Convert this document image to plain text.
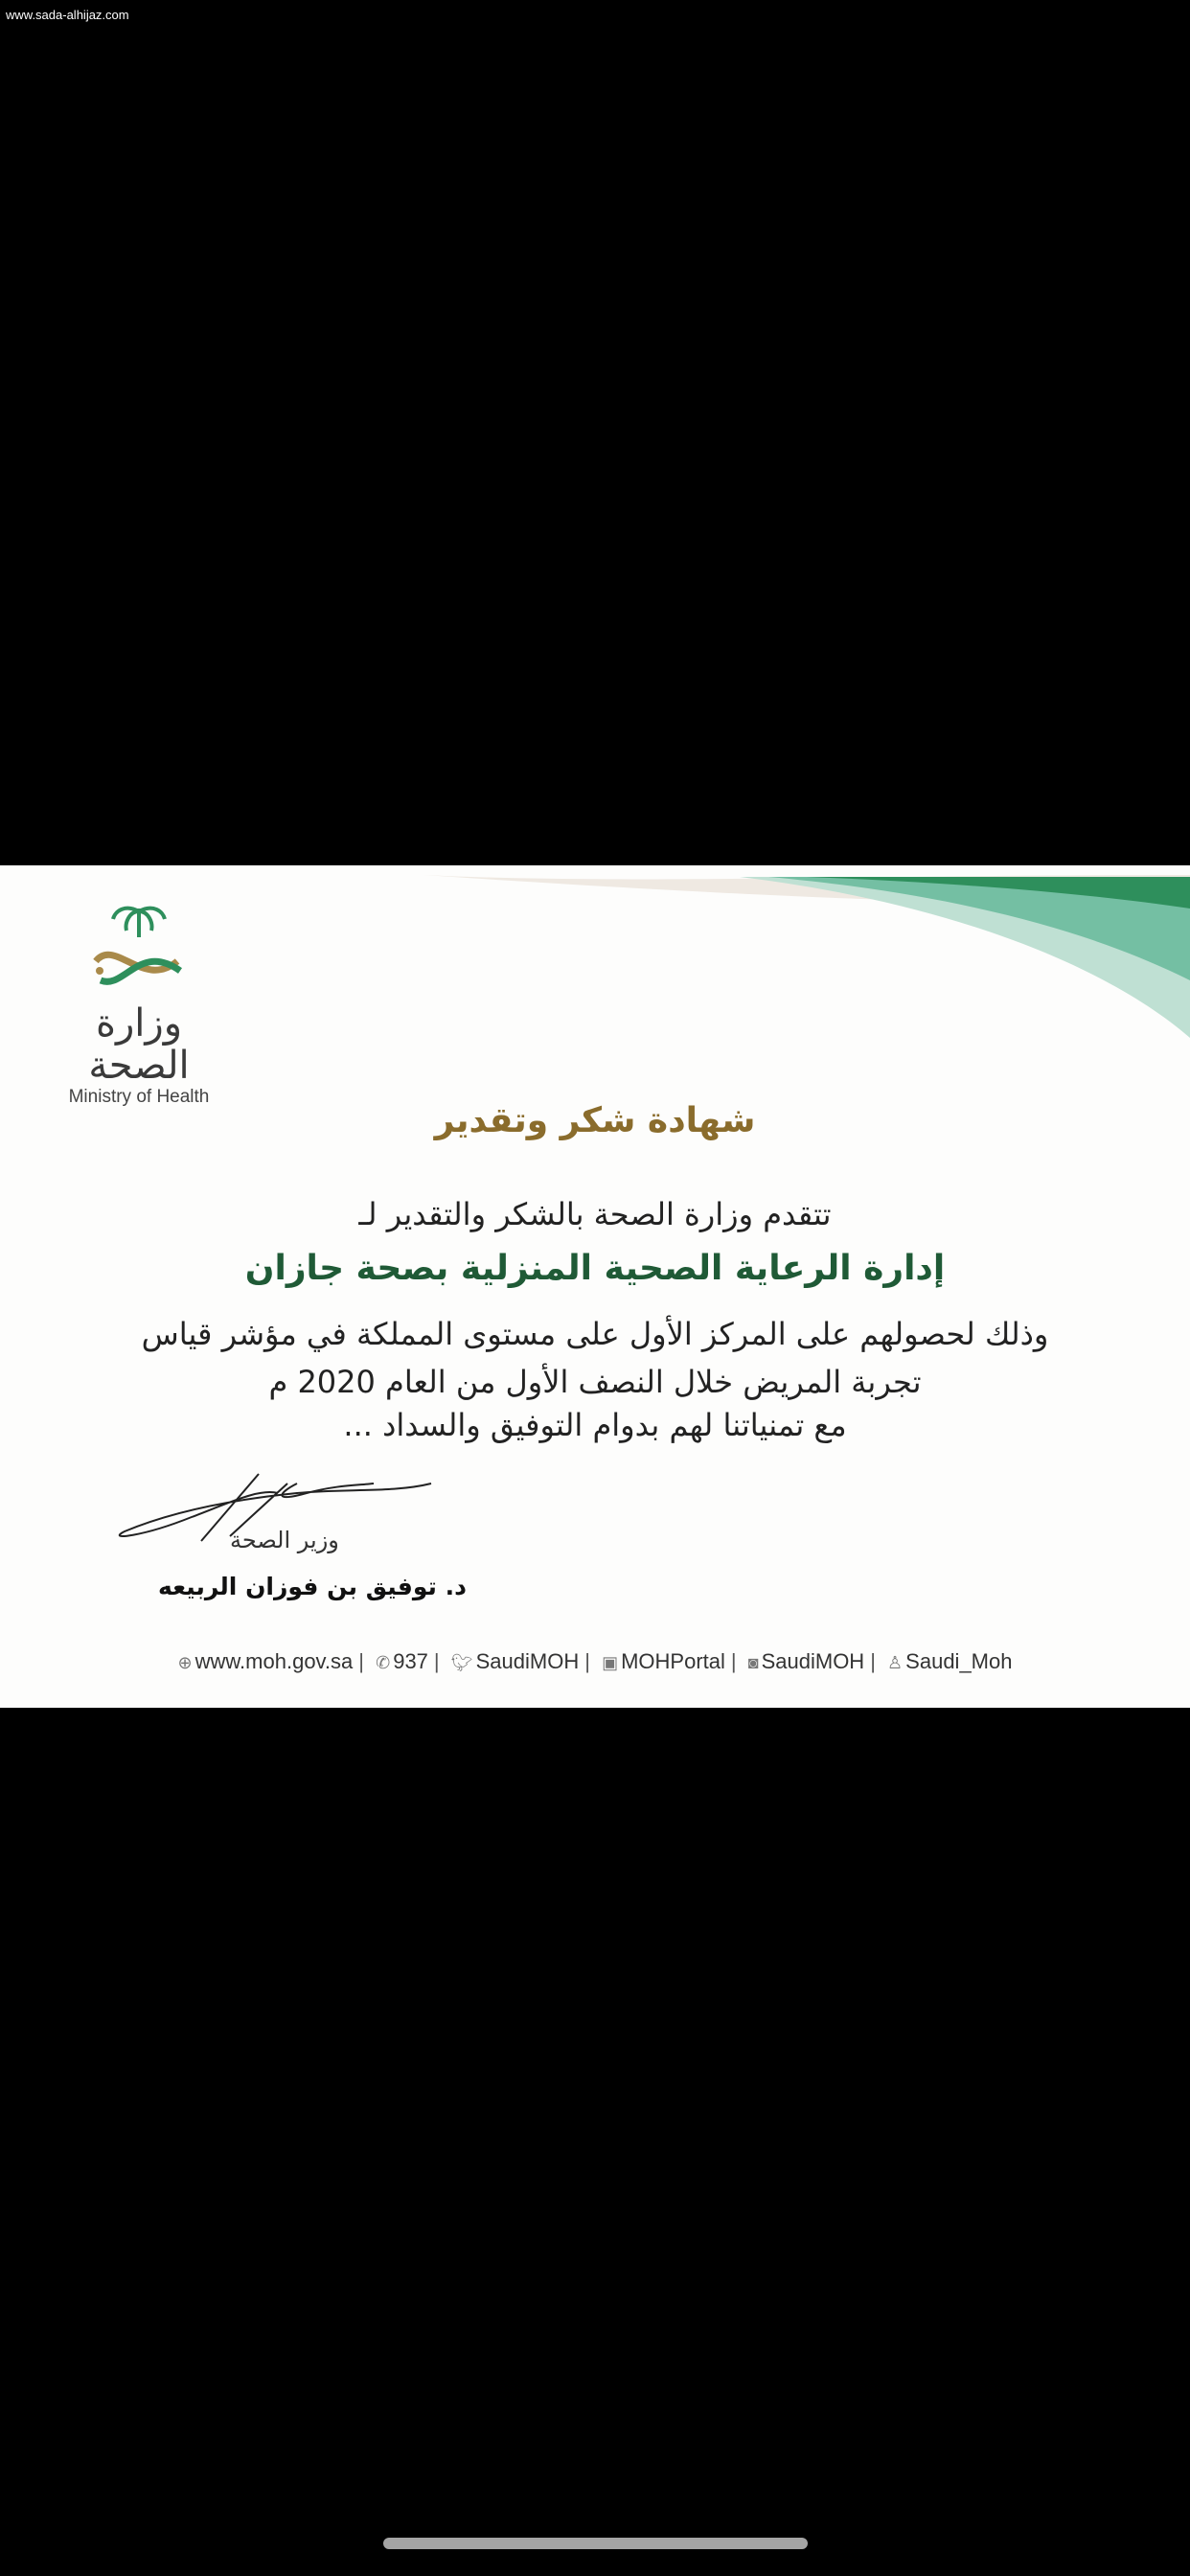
www.sada-alhijaz.com
وزارة الصحة
Ministry of Health
شهادة شكر وتقدير
تتقدم وزارة الصحة بالشكر والتقدير لـ
إدارة الرعاية الصحية المنزلية بصحة جازان
وذلك لحصولهم على المركز الأول على مستوى المملكة في مؤشر قياس
تجربة المريض خلال النصف الأول من العام 2020 م
مع تمنياتنا لهم بدوام التوفيق والسداد ...
وزير الصحة
د. توفيق بن فوزان الربيعه
⊕ www.moh.gov.sa | ✆ 937 | 🐦︎ SaudiMOH | ▣ MOHPortal | ◙ SaudiMOH | ♙ Saudi_Moh
